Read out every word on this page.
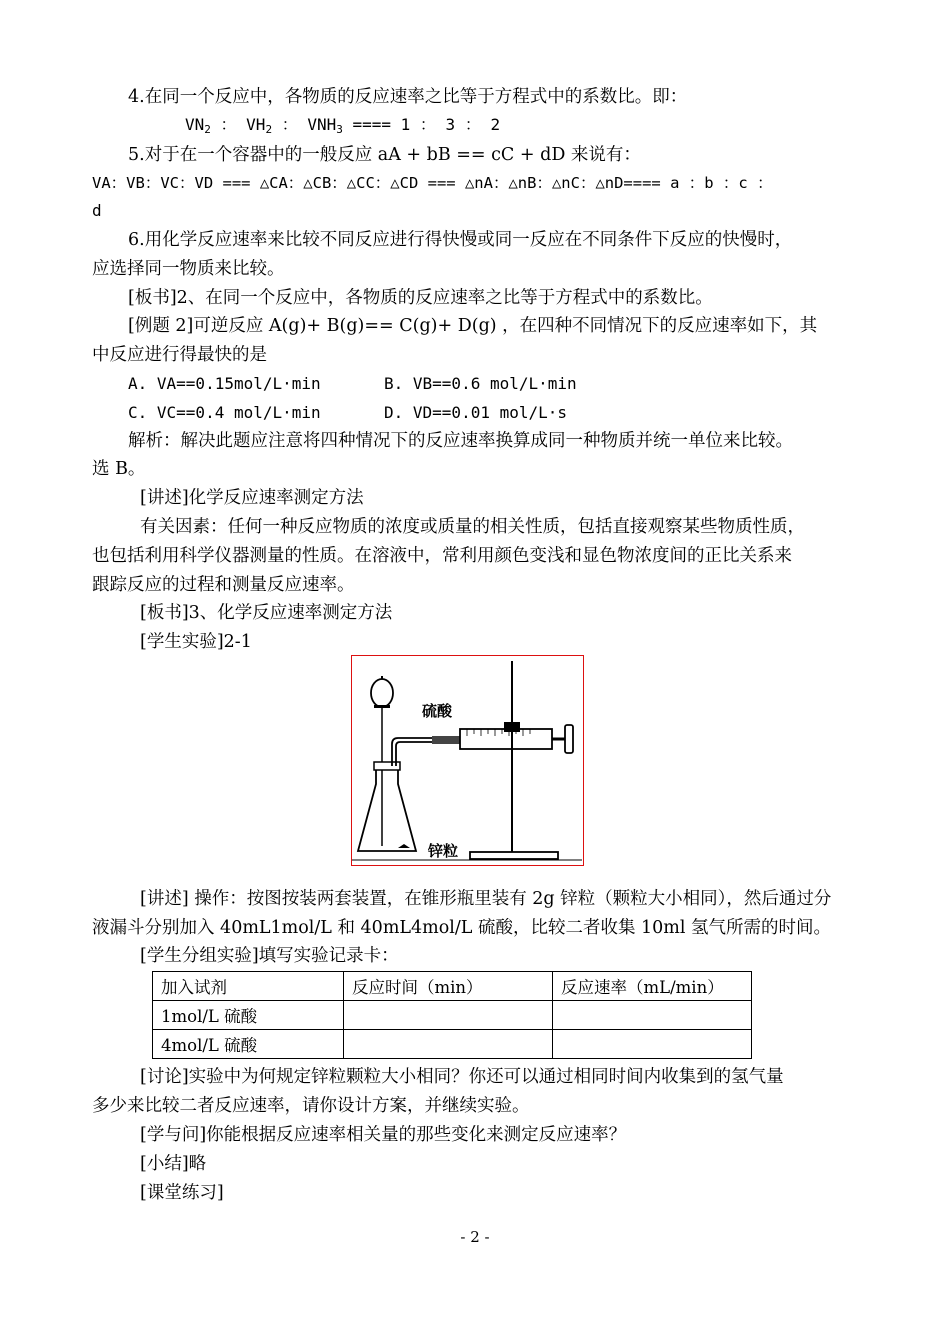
4.在同一个反应中，各物质的反应速率之比等于方程式中的系数比。即：
$VN_2$ ： $VH_2$ ： $VNH_3$ ==== 1 ： 3 ： 2
5.对于在一个容器中的一般反应 aA + bB == cC + dD 来说有：
VA：VB：VC：VD === △CA：△CB：△CC：△CD === △nA：△nB：△nC：△nD==== a ：b ：c ：
d
6.用化学反应速率来比较不同反应进行得快慢或同一反应在不同条件下反应的快慢时，
应选择同一物质来比较。
[板书]2、在同一个反应中，各物质的反应速率之比等于方程式中的系数比。
[例题 2]可逆反应 A(g)+ B(g)== C(g)+ D(g) ，在四种不同情况下的反应速率如下，其
中反应进行得最快的是
A. VA==0.15mol/L·min	B. VB==0.6 mol/L·min
C. VC==0.4 mol/L·min	D. VD==0.01 mol/L·s
解析：解决此题应注意将四种情况下的反应速率换算成同一种物质并统一单位来比较。
选 B。
[讲述]化学反应速率测定方法
有关因素：任何一种反应物质的浓度或质量的相关性质，包括直接观察某些物质性质，
也包括利用科学仪器测量的性质。在溶液中，常利用颜色变浅和显色物浓度间的正比关系来
跟踪反应的过程和测量反应速率。
[板书]3、化学反应速率测定方法
[学生实验]2-1
硫酸
锌粒
[讲述] 操作：按图按装两套装置，在锥形瓶里装有 2g 锌粒（颗粒大小相同），然后通过分
液漏斗分别加入 40mL1mol/L 和 40mL4mol/L 硫酸，比较二者收集 10ml 氢气所需的时间。
[学生分组实验]填写实验记录卡：
加入试剂	反应时间（min）	反应速率（mL/min）
1mol/L 硫酸		
4mol/L 硫酸		
[讨论]实验中为何规定锌粒颗粒大小相同？你还可以通过相同时间内收集到的氢气量
多少来比较二者反应速率，请你设计方案，并继续实验。
[学与问]你能根据反应速率相关量的那些变化来测定反应速率？
[小结]略
[课堂练习]
- 2 -
